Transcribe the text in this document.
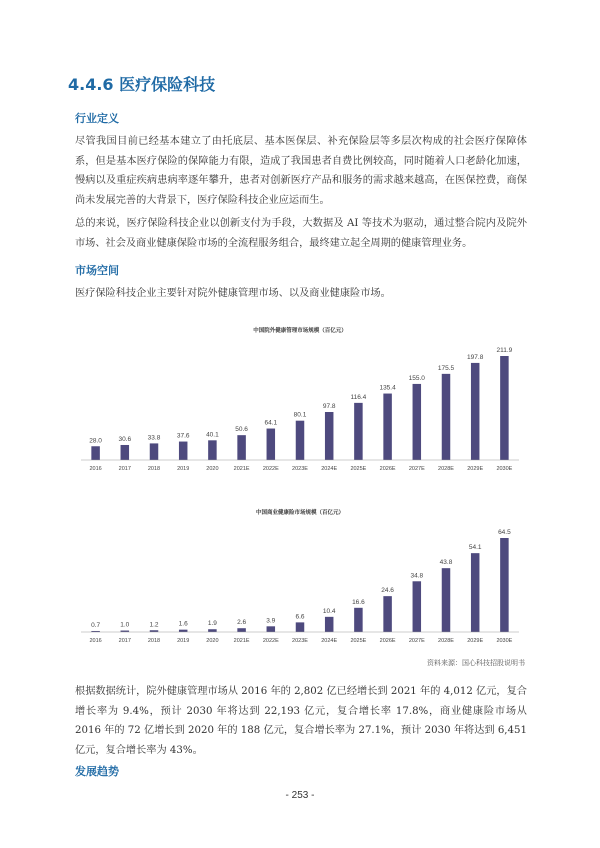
4.4.6 医疗保险科技
行业定义

尽管我国目前已经基本建立了由托底层、基本医保层、补充保险层等多层次构成的社会医疗保障体系，但是基本医疗保险的保障能力有限，造成了我国患者自费比例较高，同时随着人口老龄化加速，慢病以及重症疾病患病率逐年攀升，患者对创新医疗产品和服务的需求越来越高，在医保控费，商保尚未发展完善的大背景下，医疗保险科技企业应运而生。

总的来说，医疗保险科技企业以创新支付为手段，大数据及 AI 等技术为驱动，通过整合院内及院外市场、社会及商业健康保险市场的全流程服务组合，最终建立起全周期的健康管理业务。

市场空间

医疗保险科技企业主要针对院外健康管理市场、以及商业健康险市场。

中国院外健康管理市场规模（百亿元）
28.0
2016
30.6
2017
33.8
2018
37.6
2019
40.1
2020
50.6
2021E
64.1
2022E
80.1
2023E
97.8
2024E
116.4
2025E
135.4
2026E
155.0
2027E
175.5
2028E
197.8
2029E
211.9
2030E
中国商业健康险市场规模（百亿元）
0.7
2016
1.0
2017
1.2
2018
1.6
2019
1.9
2020
2.6
2021E
3.9
2022E
6.6
2023E
10.4
2024E
16.6
2025E
24.6
2026E
34.8
2027E
43.8
2028E
54.1
2029E
64.5
2030E
资料来源：国心科技招股说明书

根据数据统计，院外健康管理市场从 2016 年的 2,802 亿已经增长到 2021 年的 4,012 亿元，复合增长率为 9.4%，预计 2030 年将达到 22,193 亿元，复合增长率 17.8%，商业健康险市场从 2016 年的 72 亿增长到 2020 年的 188 亿元，复合增长率为 27.1%，预计 2030 年将达到 6,451 亿元，复合增长率为 43%。

发展趋势
- 253 -
